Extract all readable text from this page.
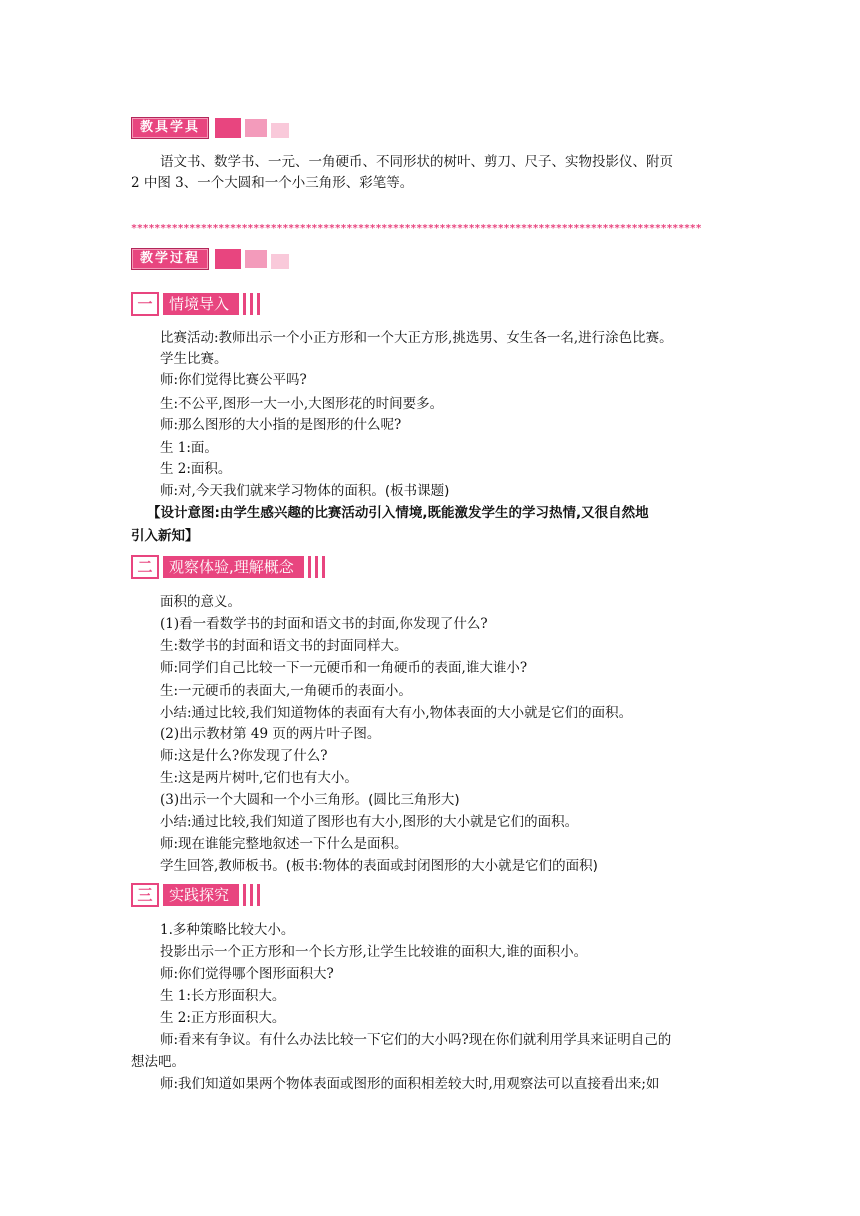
教具学具
语文书、数学书、一元、一角硬币、不同形状的树叶、剪刀、尺子、实物投影仪、附页
2 中图 3、一个大圆和一个小三角形、彩笔等。
**************************************************************************************************
教学过程
一	情境导入
比赛活动:教师出示一个小正方形和一个大正方形,挑选男、女生各一名,进行涂色比赛。
学生比赛。
师:你们觉得比赛公平吗?
生:不公平,图形一大一小,大图形花的时间要多。
师:那么图形的大小指的是图形的什么呢?
生 1:面。
生 2:面积。
师:对,今天我们就来学习物体的面积。(板书课题)
【设计意图:由学生感兴趣的比赛活动引入情境,既能激发学生的学习热情,又很自然地
引入新知】
二	观察体验,理解概念
面积的意义。
(1)看一看数学书的封面和语文书的封面,你发现了什么?
生:数学书的封面和语文书的封面同样大。
师:同学们自己比较一下一元硬币和一角硬币的表面,谁大谁小?
生:一元硬币的表面大,一角硬币的表面小。
小结:通过比较,我们知道物体的表面有大有小,物体表面的大小就是它们的面积。
(2)出示教材第 49 页的两片叶子图。
师:这是什么?你发现了什么?
生:这是两片树叶,它们也有大小。
(3)出示一个大圆和一个小三角形。(圆比三角形大)
小结:通过比较,我们知道了图形也有大小,图形的大小就是它们的面积。
师:现在谁能完整地叙述一下什么是面积。
学生回答,教师板书。(板书:物体的表面或封闭图形的大小就是它们的面积)
三	实践探究
1.多种策略比较大小。
投影出示一个正方形和一个长方形,让学生比较谁的面积大,谁的面积小。
师:你们觉得哪个图形面积大?
生 1:长方形面积大。
生 2:正方形面积大。
师:看来有争议。有什么办法比较一下它们的大小吗?现在你们就利用学具来证明自己的
想法吧。
师:我们知道如果两个物体表面或图形的面积相差较大时,用观察法可以直接看出来;如
